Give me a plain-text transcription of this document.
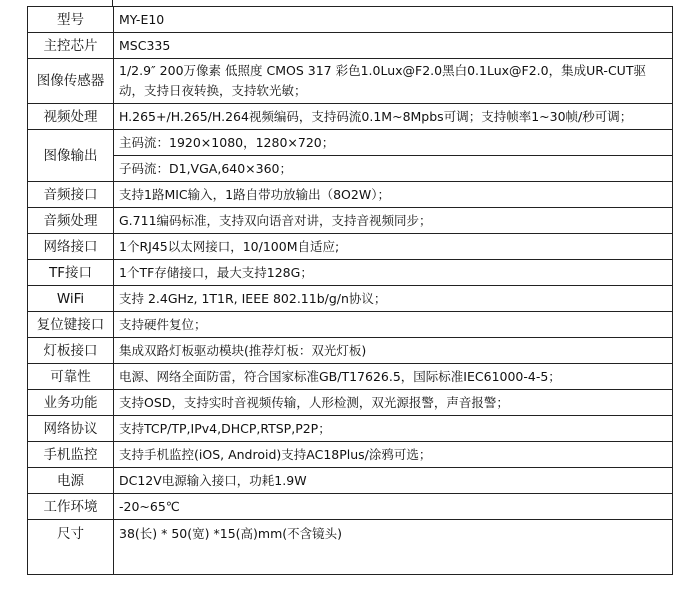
型号	MY-E10
主控芯片	MSC335
图像传感器	1/2.9″ 200万像素 低照度 CMOS 317 彩色1.0Lux@F2.0黑白0.1Lux@F2.0，集成UR-CUT驱动，支持日夜转换，支持软光敏；
视频处理	H.265+/H.265/H.264视频编码，支持码流0.1M~8Mpbs可调；支持帧率1~30帧/秒可调；
图像输出	主码流：1920×1080，1280×720；
	子码流：D1,VGA,640×360；
音频接口	支持1路MIC输入，1路自带功放输出（8O2W）；
音频处理	G.711编码标准，支持双向语音对讲，支持音视频同步；
网络接口	1个RJ45以太网接口，10/100M自适应;
TF接口	1个TF存储接口，最大支持128G；
WiFi	支持 2.4GHz, 1T1R, IEEE 802.11b/g/n协议；
复位键接口	支持硬件复位；
灯板接口	集成双路灯板驱动模块(推荐灯板：双光灯板)
可靠性	电源、网络全面防雷，符合国家标准GB/T17626.5，国际标准IEC61000-4-5；
业务功能	支持OSD，支持实时音视频传输，人形检测，双光源报警，声音报警；
网络协议	支持TCP/TP,IPv4,DHCP,RTSP,P2P；
手机监控	支持手机监控(iOS, Android)支持AC18Plus/涂鸦可选；
电源	DC12V电源输入接口，功耗1.9W
工作环境	-20~65℃
尺寸	38(长) * 50(宽) *15(高)mm(不含镜头)
